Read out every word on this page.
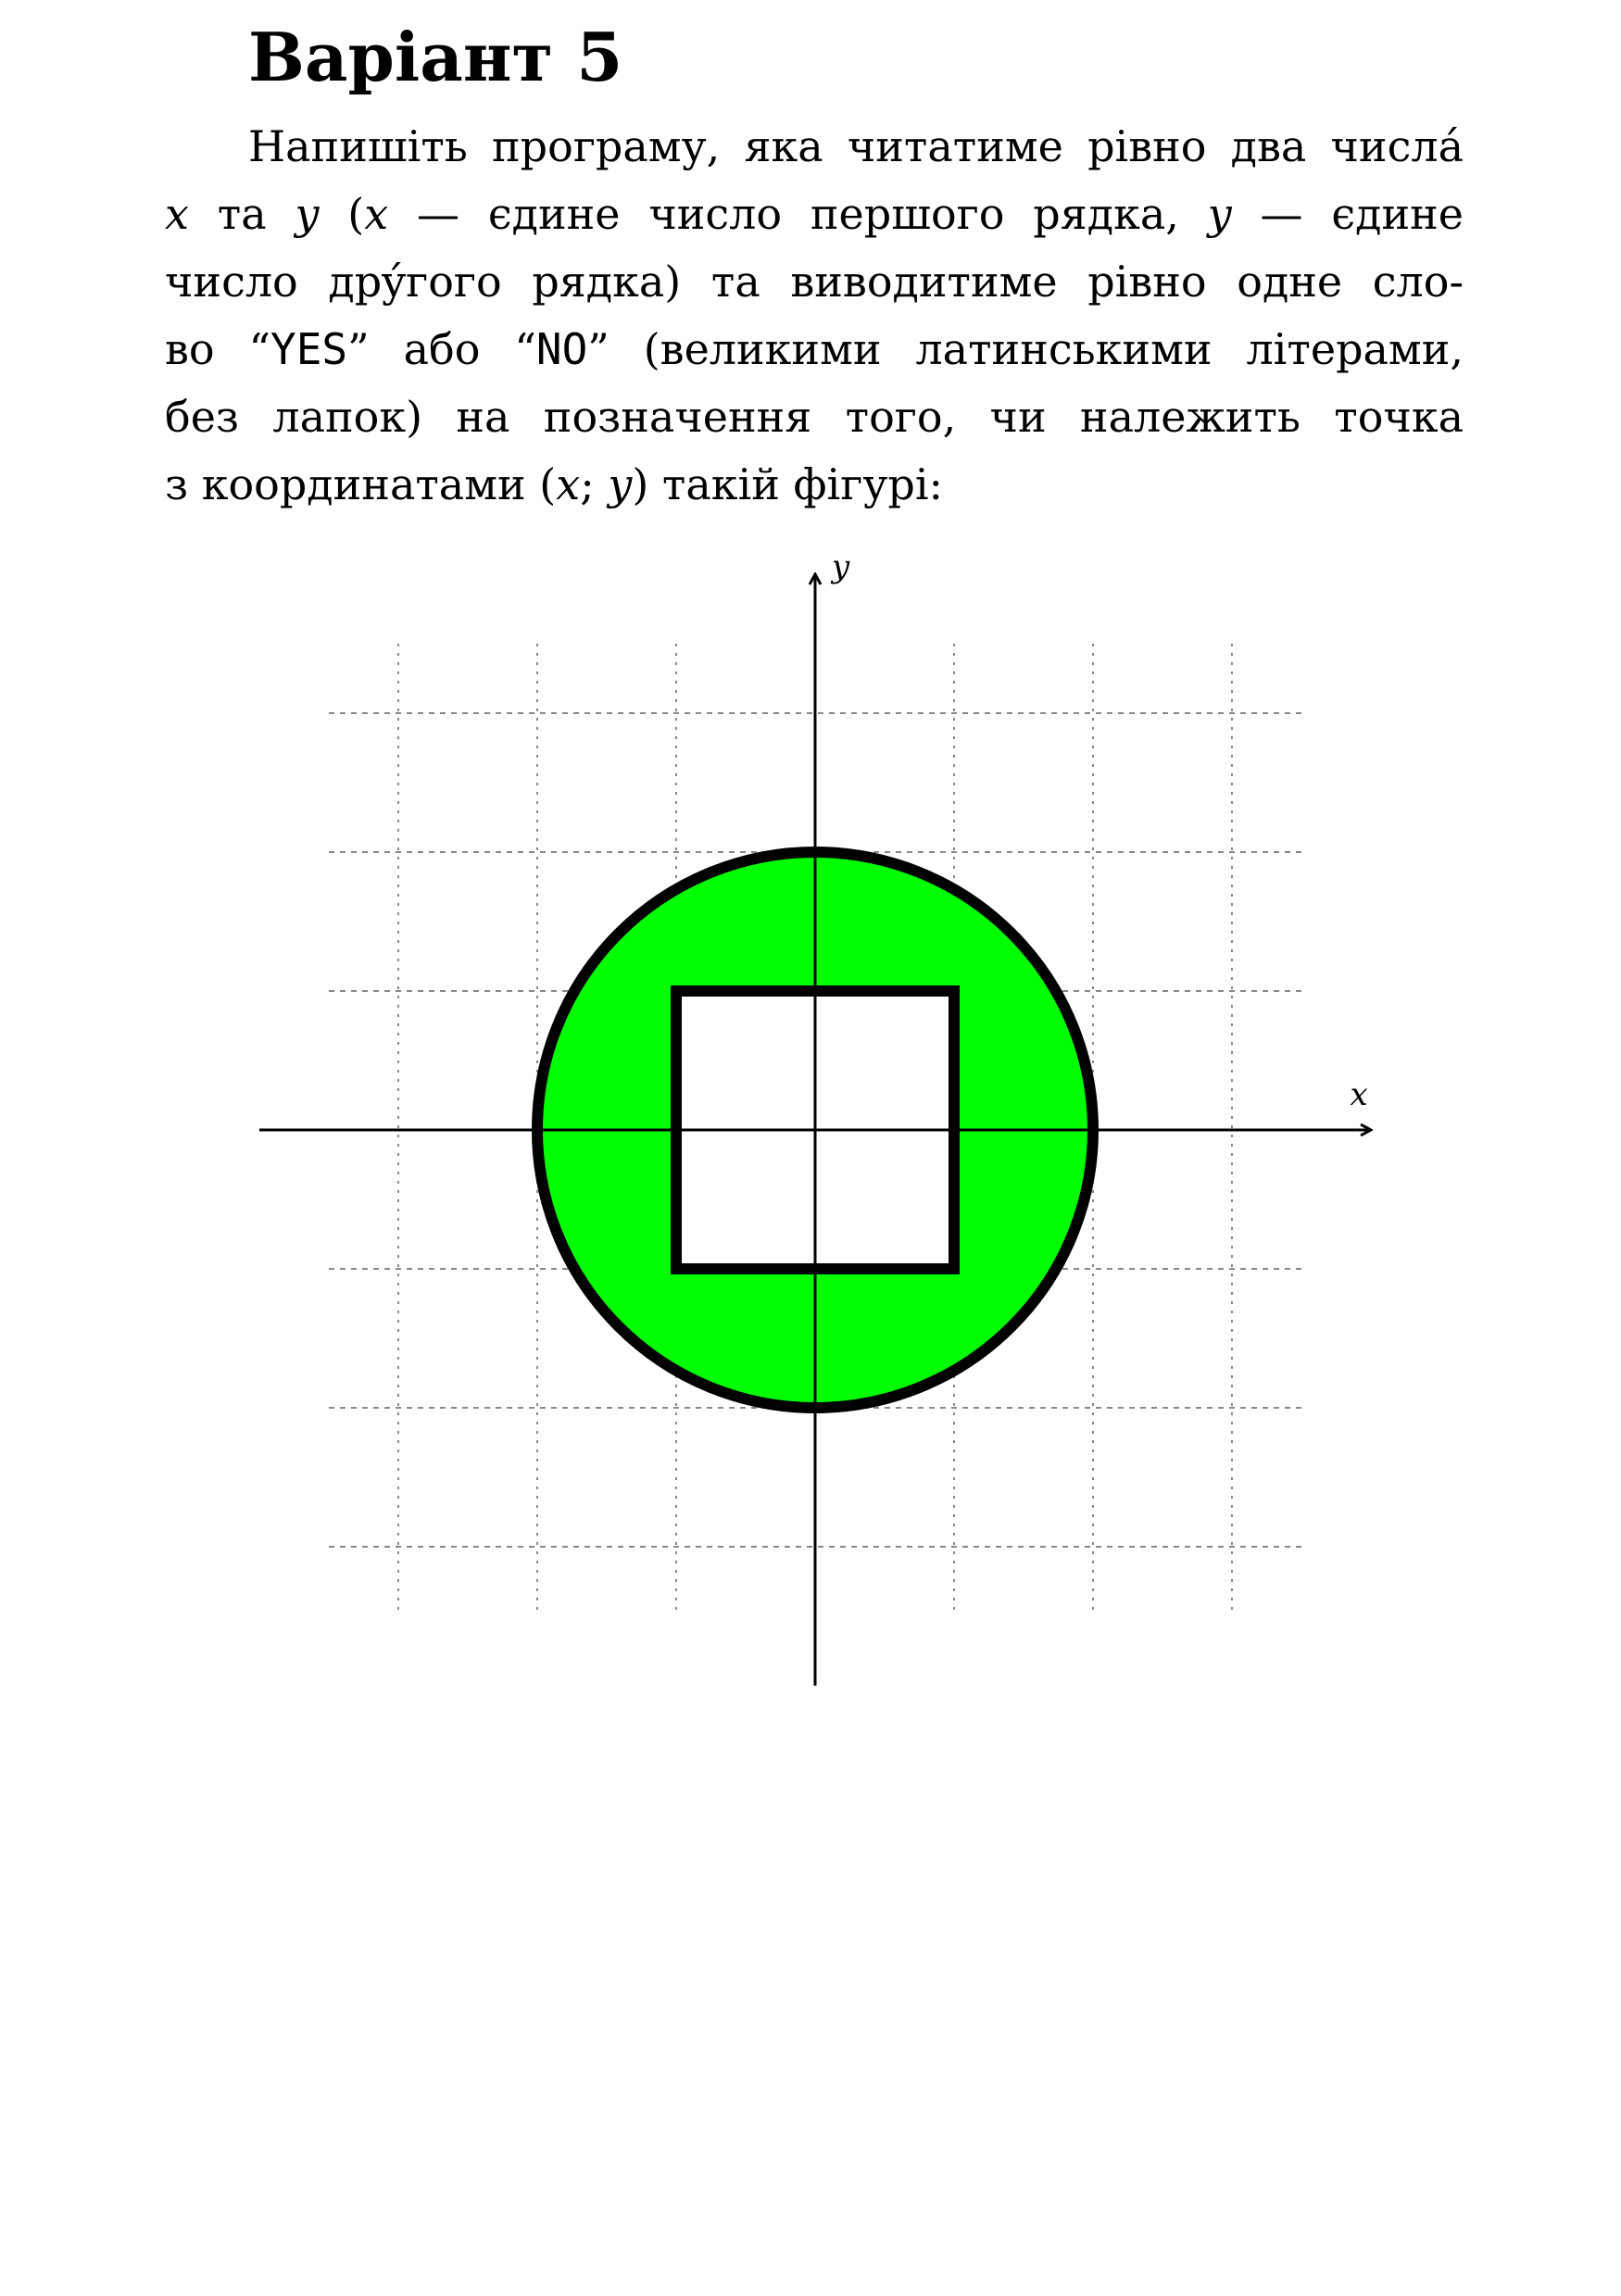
Варіант 5
Напишіть програму, яка читатиме рівно два числá
x та y (x — єдине число першого рядка, y — єдине
число дрýгого рядка) та виводитиме рівно одне сло-
во “YES” або “NO” (великими латинськими літерами,
без лапок) на позначення того, чи належить точка
з координатами (x; y) такій фігурі:
x
y
